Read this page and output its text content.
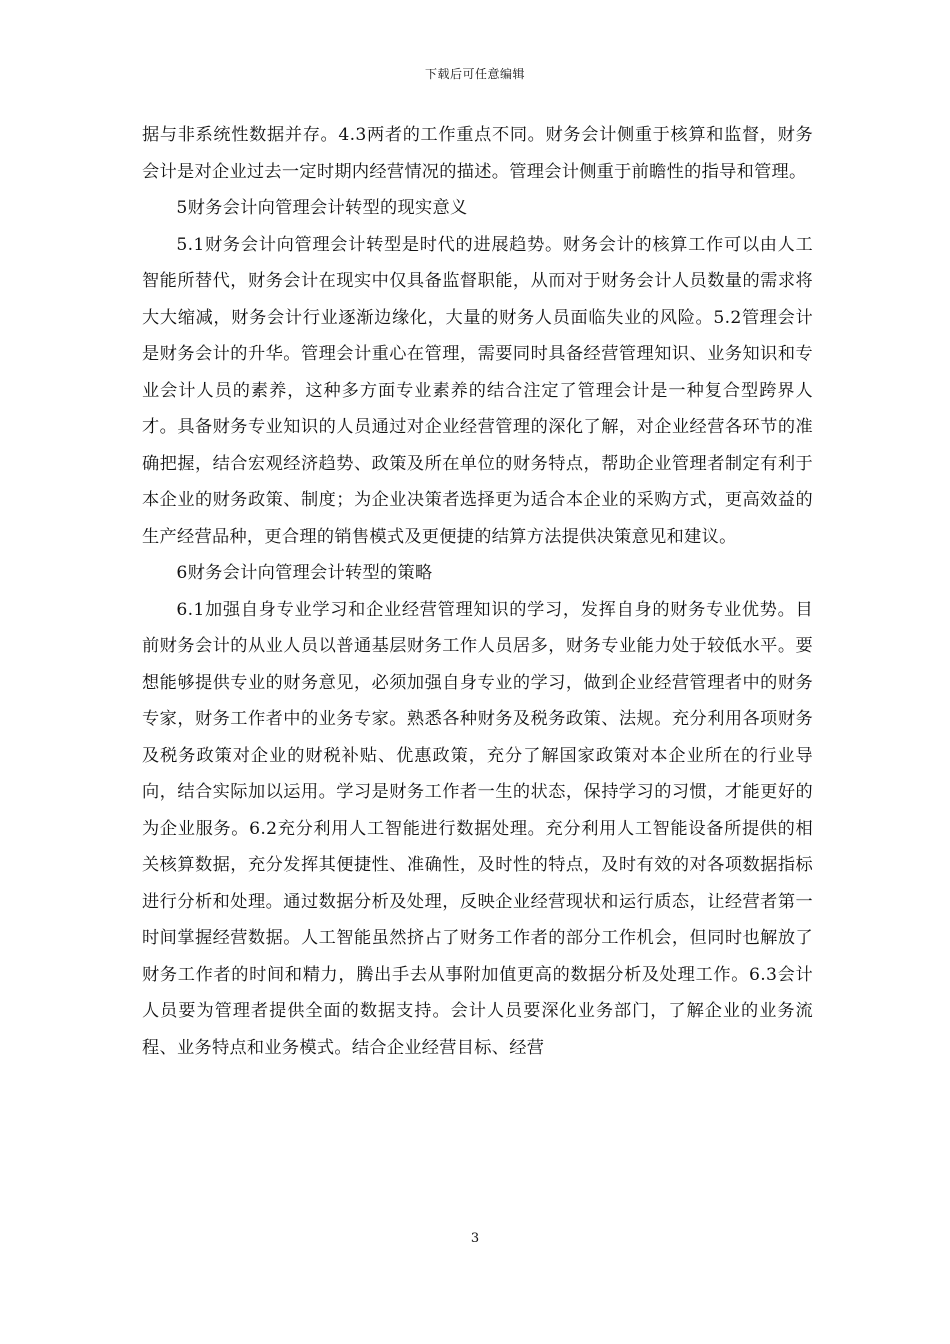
下载后可任意编辑

据与非系统性数据并存。4.3两者的工作重点不同。财务会计侧重于核算和监督，财务会计是对企业过去一定时期内经营情况的描述。管理会计侧重于前瞻性的指导和管理。

5财务会计向管理会计转型的现实意义

5.1财务会计向管理会计转型是时代的进展趋势。财务会计的核算工作可以由人工智能所替代，财务会计在现实中仅具备监督职能，从而对于财务会计人员数量的需求将大大缩减，财务会计行业逐渐边缘化，大量的财务人员面临失业的风险。5.2管理会计是财务会计的升华。管理会计重心在管理，需要同时具备经营管理知识、业务知识和专业会计人员的素养，这种多方面专业素养的结合注定了管理会计是一种复合型跨界人才。具备财务专业知识的人员通过对企业经营管理的深化了解，对企业经营各环节的准确把握，结合宏观经济趋势、政策及所在单位的财务特点，帮助企业管理者制定有利于本企业的财务政策、制度；为企业决策者选择更为适合本企业的采购方式，更高效益的生产经营品种，更合理的销售模式及更便捷的结算方法提供决策意见和建议。

6财务会计向管理会计转型的策略

6.1加强自身专业学习和企业经营管理知识的学习，发挥自身的财务专业优势。目前财务会计的从业人员以普通基层财务工作人员居多，财务专业能力处于较低水平。要想能够提供专业的财务意见，必须加强自身专业的学习，做到企业经营管理者中的财务专家，财务工作者中的业务专家。熟悉各种财务及税务政策、法规。充分利用各项财务及税务政策对企业的财税补贴、优惠政策，充分了解国家政策对本企业所在的行业导向，结合实际加以运用。学习是财务工作者一生的状态，保持学习的习惯，才能更好的为企业服务。6.2充分利用人工智能进行数据处理。充分利用人工智能设备所提供的相关核算数据，充分发挥其便捷性、准确性，及时性的特点，及时有效的对各项数据指标进行分析和处理。通过数据分析及处理，反映企业经营现状和运行质态，让经营者第一时间掌握经营数据。人工智能虽然挤占了财务工作者的部分工作机会，但同时也解放了财务工作者的时间和精力，腾出手去从事附加值更高的数据分析及处理工作。6.3会计人员要为管理者提供全面的数据支持。会计人员要深化业务部门，了解企业的业务流程、业务特点和业务模式。结合企业经营目标、经营

3
